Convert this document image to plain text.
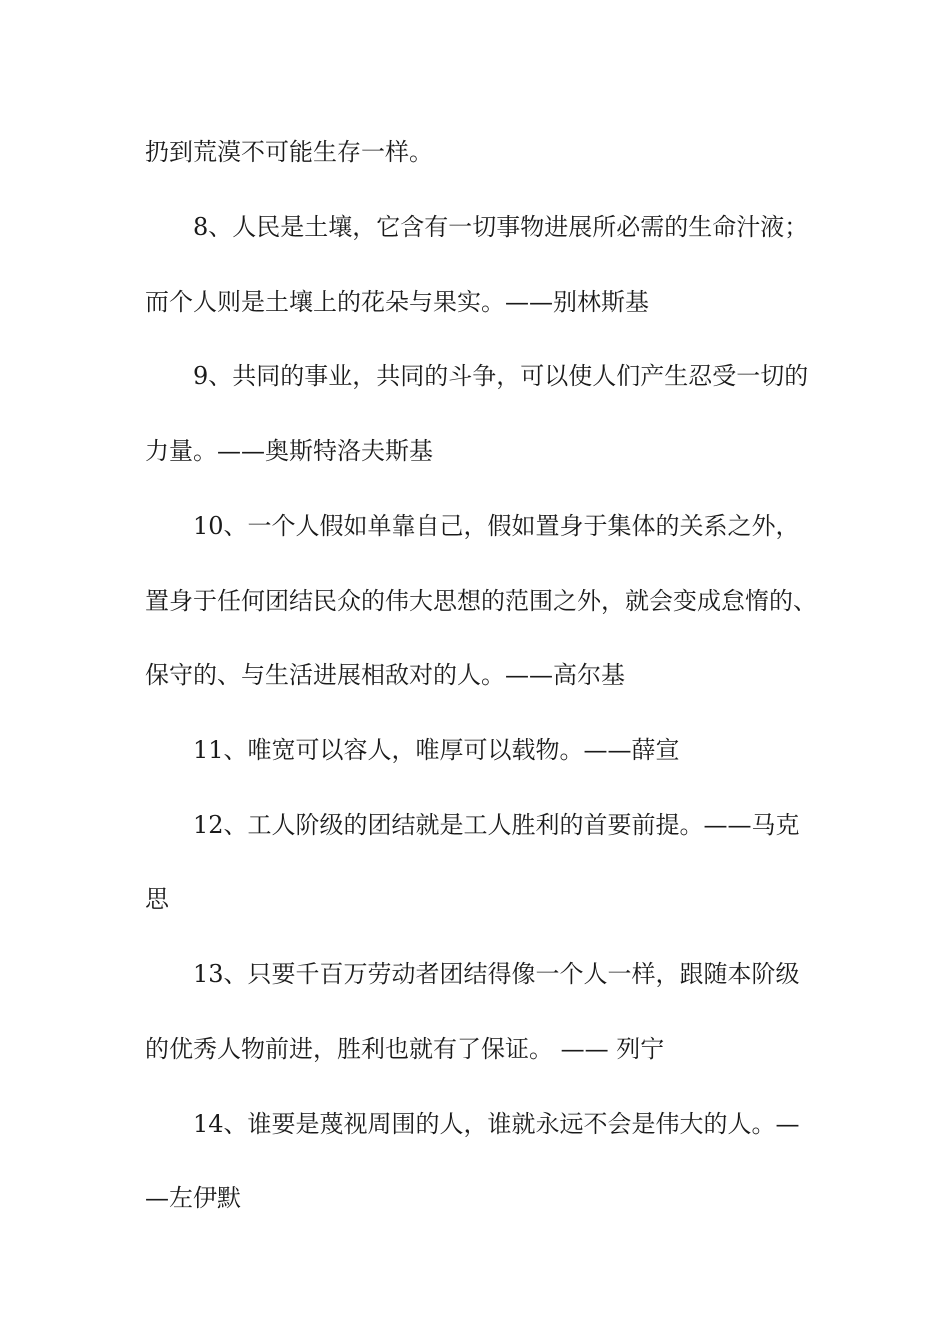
扔到荒漠不可能生存一样。
8、人民是土壤，它含有一切事物进展所必需的生命汁液；
而个人则是土壤上的花朵与果实。——别林斯基
9、共同的事业，共同的斗争，可以使人们产生忍受一切的
力量。——奥斯特洛夫斯基
10、一个人假如单靠自己，假如置身于集体的关系之外，
置身于任何团结民众的伟大思想的范围之外，就会变成怠惰的、
保守的、与生活进展相敌对的人。——高尔基
11、唯宽可以容人，唯厚可以载物。——薛宣
12、工人阶级的团结就是工人胜利的首要前提。——马克
思
13、只要千百万劳动者团结得像一个人一样，跟随本阶级
的优秀人物前进，胜利也就有了保证。 —— 列宁
14、谁要是蔑视周围的人，谁就永远不会是伟大的人。—
—左伊默
